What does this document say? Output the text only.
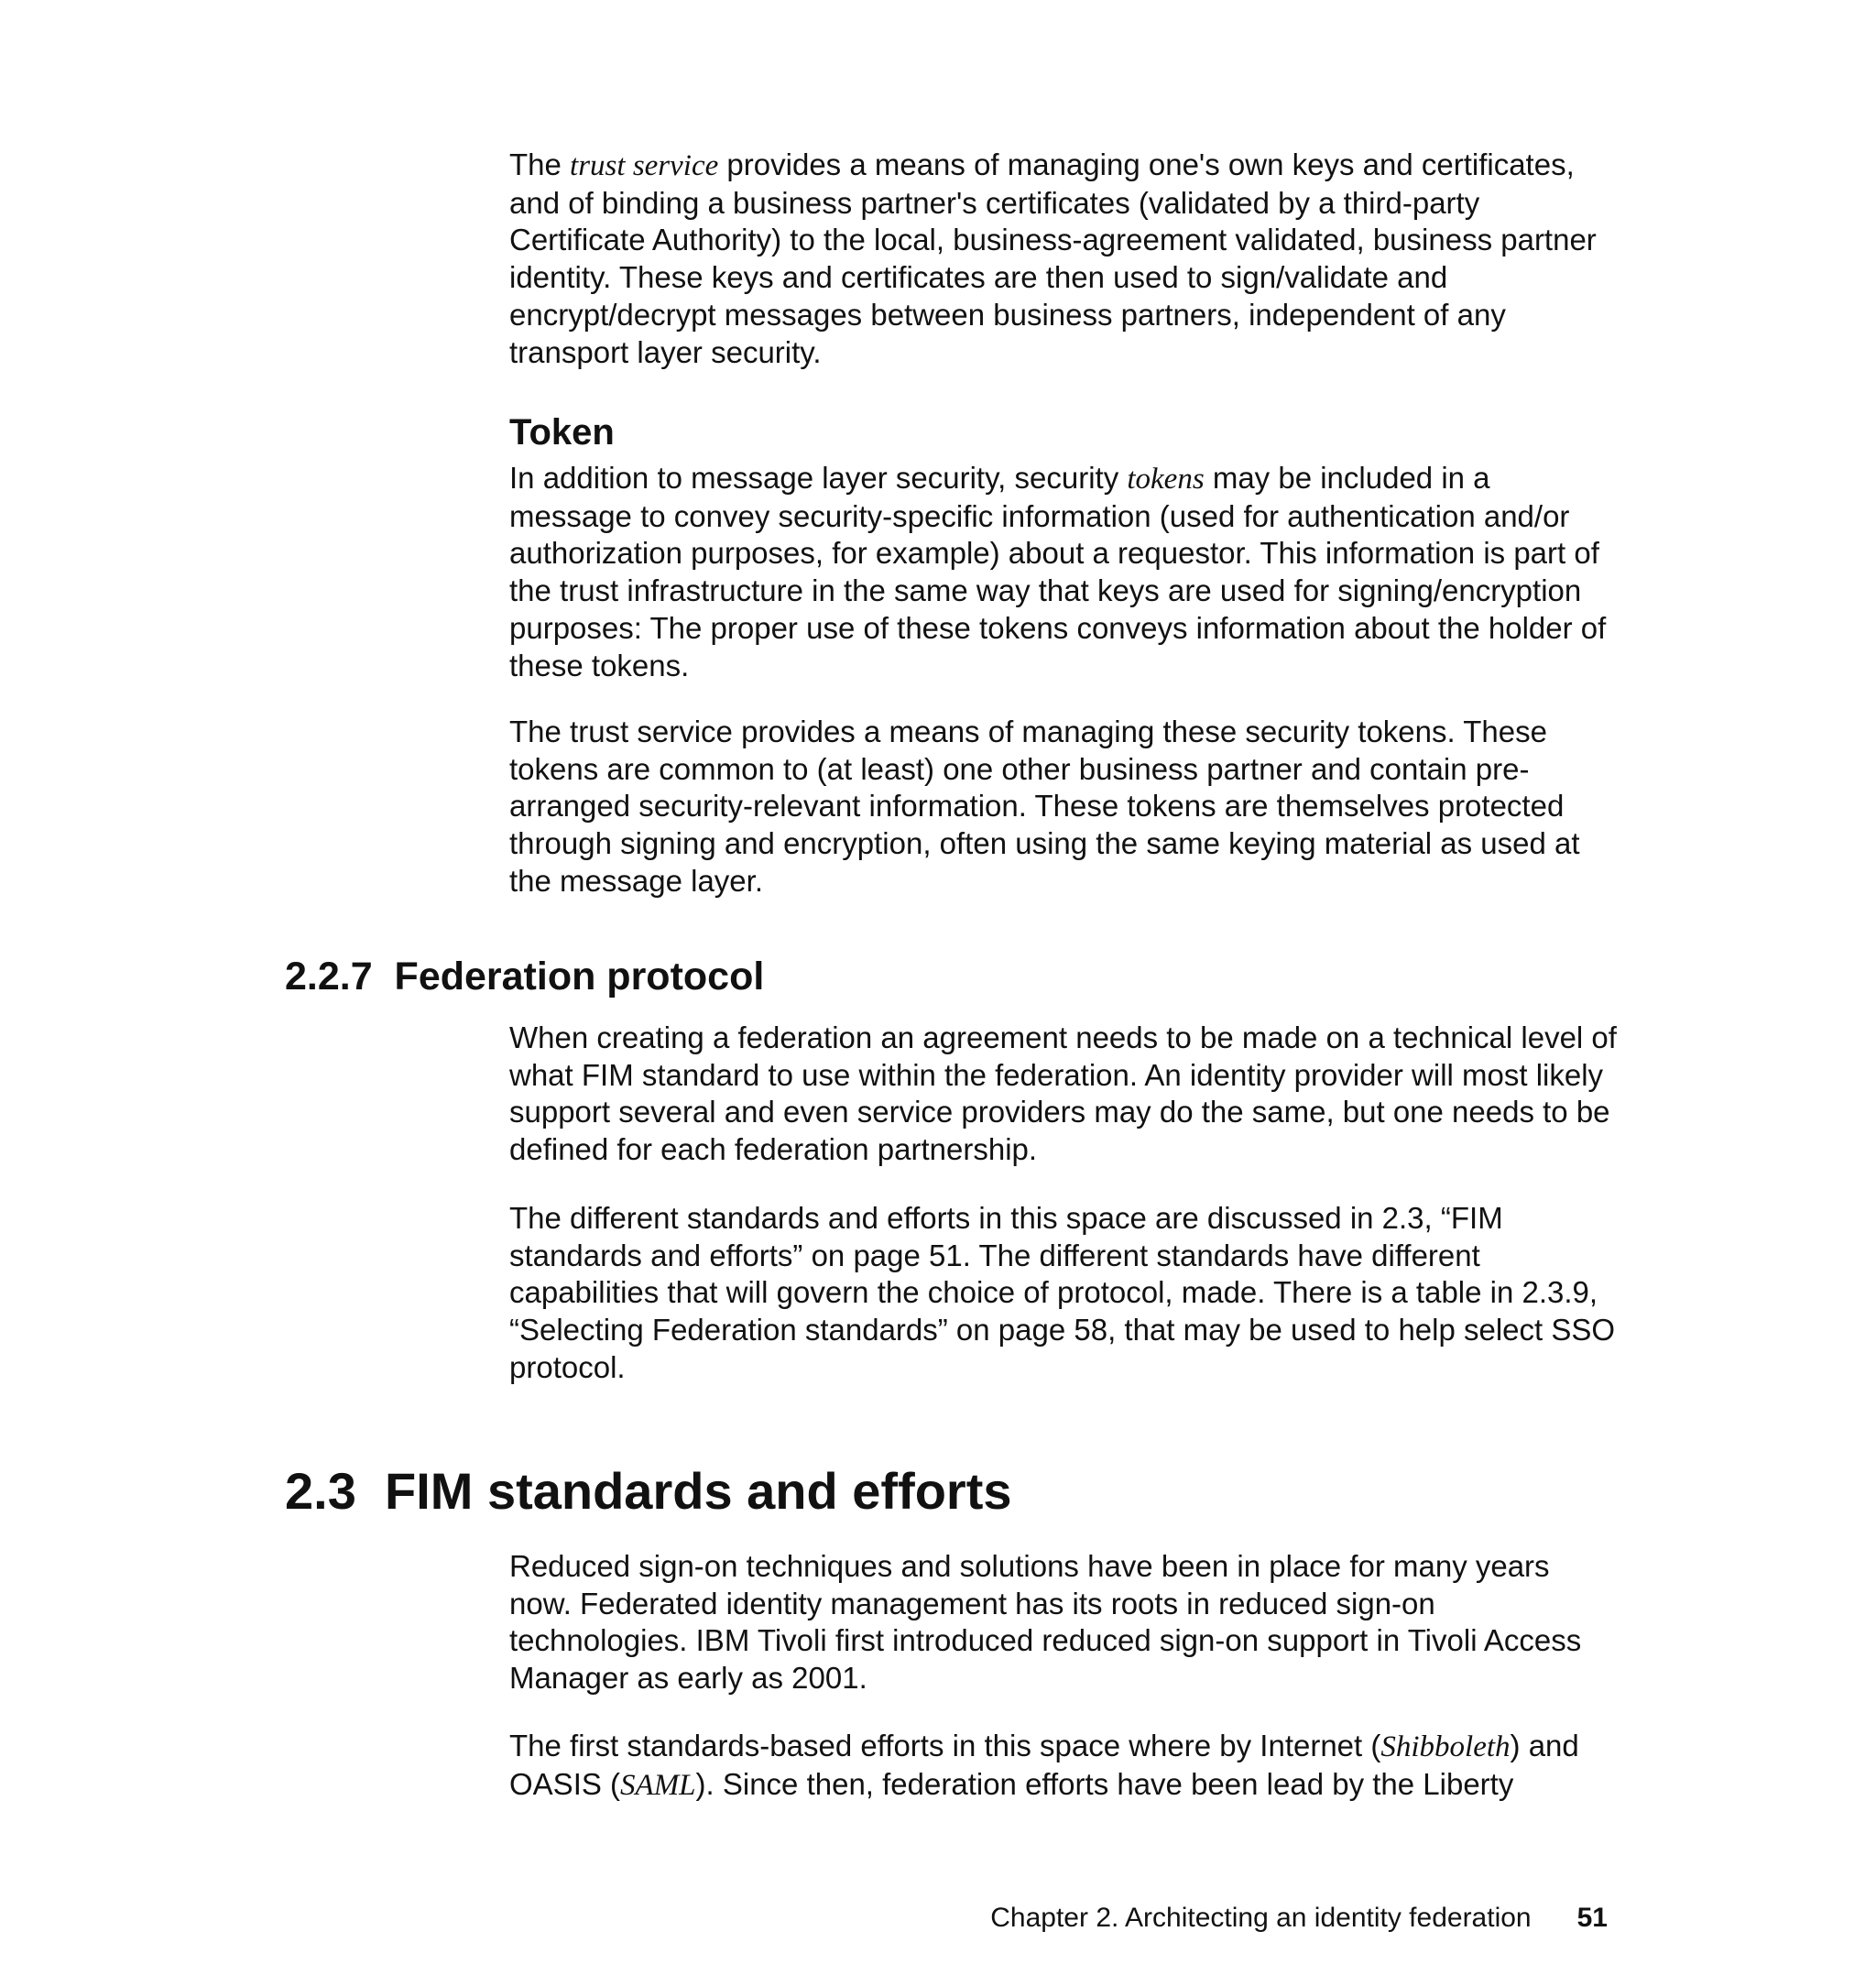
The trust service provides a means of managing one's own keys and certificates, and of binding a business partner's certificates (validated by a third-party Certificate Authority) to the local, business-agreement validated, business partner identity. These keys and certificates are then used to sign/validate and encrypt/decrypt messages between business partners, independent of any transport layer security.

Token

In addition to message layer security, security tokens may be included in a message to convey security-specific information (used for authentication and/or authorization purposes, for example) about a requestor. This information is part of the trust infrastructure in the same way that keys are used for signing/encryption purposes: The proper use of these tokens conveys information about the holder of these tokens.

The trust service provides a means of managing these security tokens. These tokens are common to (at least) one other business partner and contain pre-arranged security-relevant information. These tokens are themselves protected through signing and encryption, often using the same keying material as used at the message layer.

2.2.7 Federation protocol

When creating a federation an agreement needs to be made on a technical level of what FIM standard to use within the federation. An identity provider will most likely support several and even service providers may do the same, but one needs to be defined for each federation partnership.

The different standards and efforts in this space are discussed in 2.3, “FIM standards and efforts” on page 51. The different standards have different capabilities that will govern the choice of protocol, made. There is a table in 2.3.9, “Selecting Federation standards” on page 58, that may be used to help select SSO protocol.

2.3 FIM standards and efforts

Reduced sign-on techniques and solutions have been in place for many years now. Federated identity management has its roots in reduced sign-on technologies. IBM Tivoli first introduced reduced sign-on support in Tivoli Access Manager as early as 2001.

The first standards-based efforts in this space where by Internet (Shibboleth) and OASIS (SAML). Since then, federation efforts have been lead by the Liberty

Chapter 2. Architecting an identity federation 51
